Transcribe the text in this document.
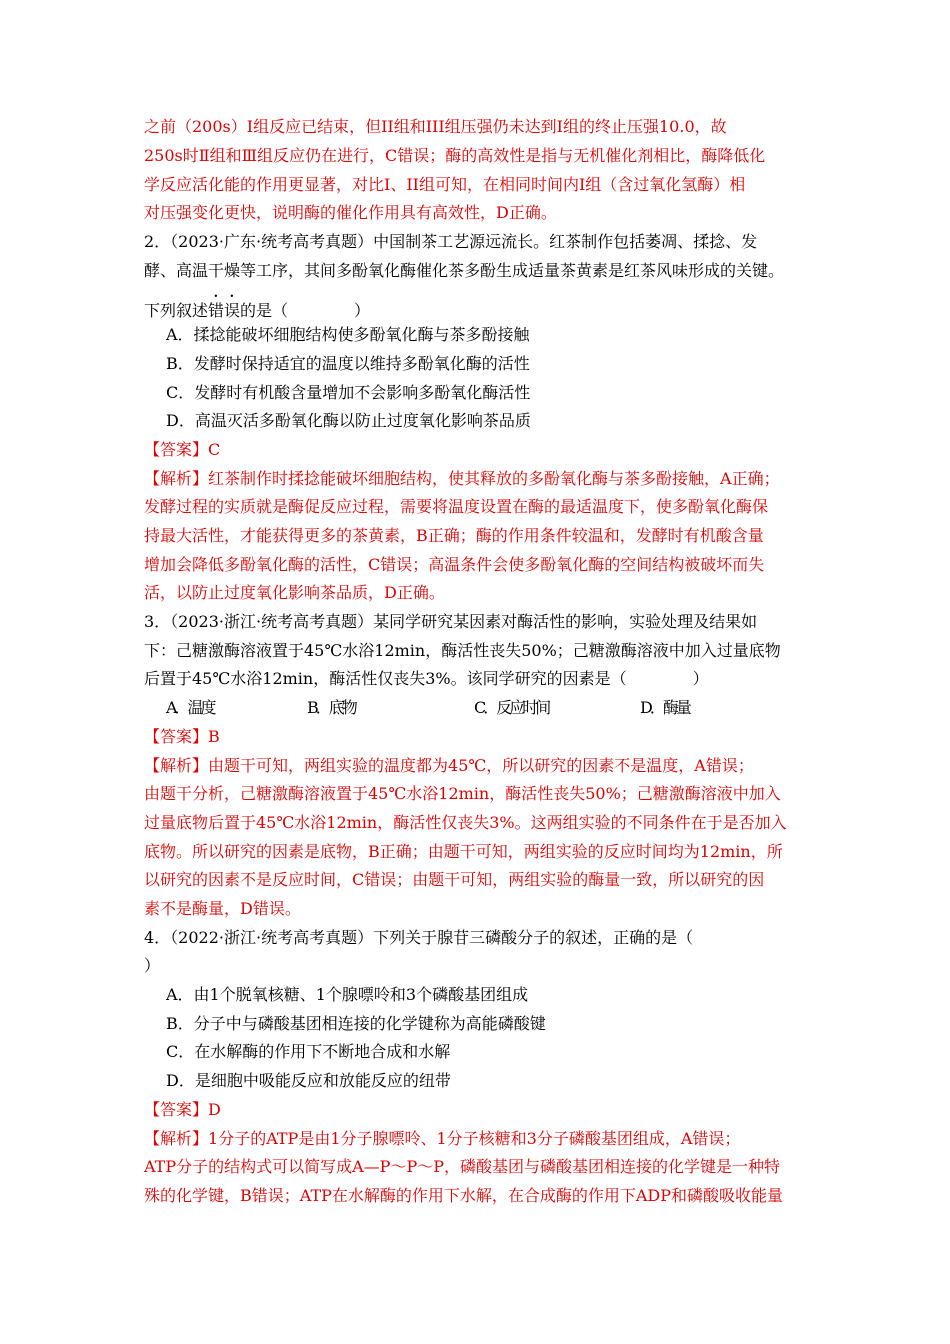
之前（200s）I组反应已结束，但II组和III组压强仍未达到I组的终止压强10.0，故
250s时Ⅱ组和Ⅲ组反应仍在进行，C错误；酶的高效性是指与无机催化剂相比，酶降低化
学反应活化能的作用更显著，对比I、II组可知，在相同时间内I组（含过氧化氢酶）相
对压强变化更快，说明酶的催化作用具有高效性，D正确。
2．（2023·广东·统考高考真题）中国制茶工艺源远流长。红茶制作包括萎凋、揉捻、发
酵、高温干燥等工序，其间多酚氧化酶催化茶多酚生成适量茶黄素是红茶风味形成的关键。
下列叙述错误的是（	）
A．揉捻能破坏细胞结构使多酚氧化酶与茶多酚接触
B．发酵时保持适宜的温度以维持多酚氧化酶的活性
C．发酵时有机酸含量增加不会影响多酚氧化酶活性
D．高温灭活多酚氧化酶以防止过度氧化影响茶品质
【答案】C
【解析】红茶制作时揉捻能破坏细胞结构，使其释放的多酚氧化酶与茶多酚接触，A正确；
发酵过程的实质就是酶促反应过程，需要将温度设置在酶的最适温度下，使多酚氧化酶保
持最大活性，才能获得更多的茶黄素，B正确；酶的作用条件较温和，发酵时有机酸含量
增加会降低多酚氧化酶的活性，C错误；高温条件会使多酚氧化酶的空间结构被破坏而失
活，以防止过度氧化影响茶品质，D正确。
3．（2023·浙江·统考高考真题）某同学研究某因素对酶活性的影响，实验处理及结果如
下：己糖激酶溶液置于45℃水浴12min，酶活性丧失50%；己糖激酶溶液中加入过量底物
后置于45℃水浴12min，酶活性仅丧失3%。该同学研究的因素是（	）
A．温度	B．底物	C．反应时间	D．酶量
【答案】B
【解析】由题干可知，两组实验的温度都为45℃，所以研究的因素不是温度，A错误；
由题干分析，己糖激酶溶液置于45℃水浴12min，酶活性丧失50%；己糖激酶溶液中加入
过量底物后置于45℃水浴12min，酶活性仅丧失3%。这两组实验的不同条件在于是否加入
底物。所以研究的因素是底物，B正确；由题干可知，两组实验的反应时间均为12min，所
以研究的因素不是反应时间，C错误；由题干可知，两组实验的酶量一致，所以研究的因
素不是酶量，D错误。
4．（2022·浙江·统考高考真题）下列关于腺苷三磷酸分子的叙述，正确的是（
）
A．由1个脱氧核糖、1个腺嘌呤和3个磷酸基团组成
B．分子中与磷酸基团相连接的化学键称为高能磷酸键
C．在水解酶的作用下不断地合成和水解
D．是细胞中吸能反应和放能反应的纽带
【答案】D
【解析】1分子的ATP是由1分子腺嘌呤、1分子核糖和3分子磷酸基团组成，A错误；
ATP分子的结构式可以简写成A—P～P～P，磷酸基团与磷酸基团相连接的化学键是一种特
殊的化学键，B错误；ATP在水解酶的作用下水解，在合成酶的作用下ADP和磷酸吸收能量
